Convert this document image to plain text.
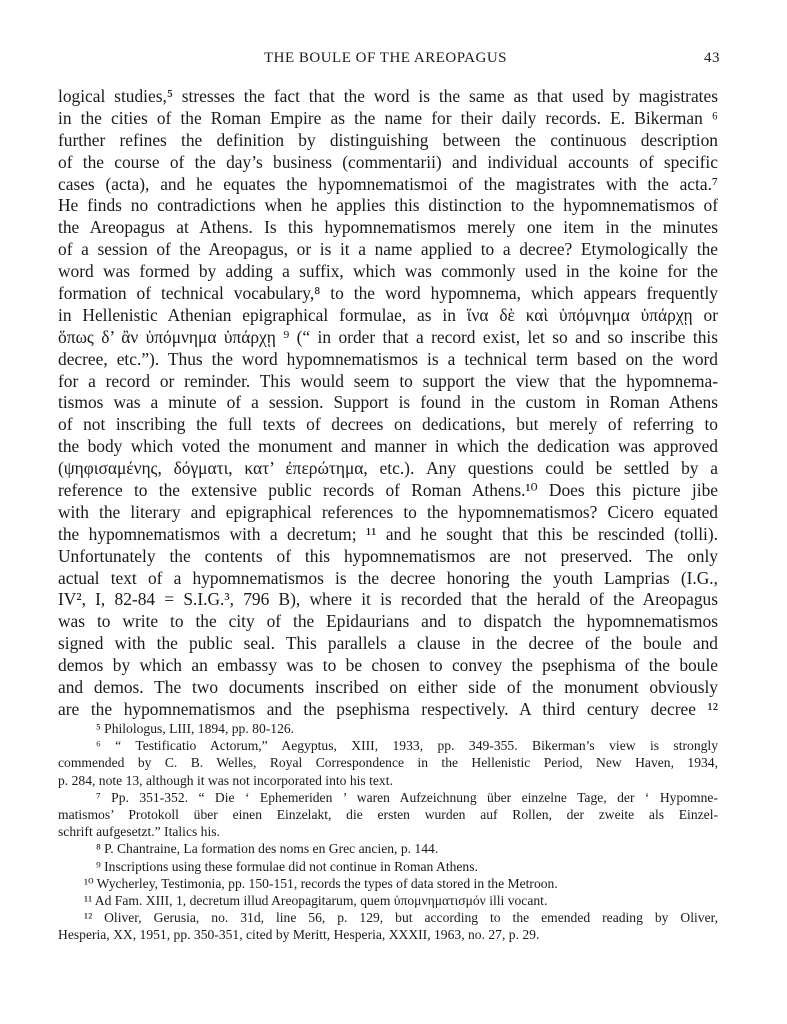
THE BOULE OF THE AREOPAGUS	43
logical studies,⁵ stresses the fact that the word is the same as that used by magistrates
in the cities of the Roman Empire as the name for their daily records. E. Bikerman ⁶
further refines the definition by distinguishing between the continuous description
of the course of the day’s business (commentarii) and individual accounts of specific
cases (acta), and he equates the hypomnematismoi of the magistrates with the acta.⁷
He finds no contradictions when he applies this distinction to the hypomnematismos of
the Areopagus at Athens. Is this hypomnematismos merely one item in the minutes
of a session of the Areopagus, or is it a name applied to a decree? Etymologically the
word was formed by adding a suffix, which was commonly used in the koine for the
formation of technical vocabulary,⁸ to the word hypomnema, which appears frequently
in Hellenistic Athenian epigraphical formulae, as in ἵνα δὲ καὶ ὑπόμνημα ὑπάρχῃ or
ὅπως δ’ ἂν ὑπόμνημα ὑπάρχῃ ⁹ (“ in order that a record exist, let so and so inscribe this
decree, etc.”). Thus the word hypomnematismos is a technical term based on the word
for a record or reminder. This would seem to support the view that the hypomnema-
tismos was a minute of a session. Support is found in the custom in Roman Athens
of not inscribing the full texts of decrees on dedications, but merely of referring to
the body which voted the monument and manner in which the dedication was approved
(ψηφισαμένης, δόγματι, κατ’ ἐπερώτημα, etc.). Any questions could be settled by a
reference to the extensive public records of Roman Athens.¹⁰ Does this picture jibe
with the literary and epigraphical references to the hypomnematismos? Cicero equated
the hypomnematismos with a decretum; ¹¹ and he sought that this be rescinded (tolli).
Unfortunately the contents of this hypomnematismos are not preserved. The only
actual text of a hypomnematismos is the decree honoring the youth Lamprias (I.G.,
IV², I, 82-84 = S.I.G.³, 796 B), where it is recorded that the herald of the Areopagus
was to write to the city of the Epidaurians and to dispatch the hypomnematismos
signed with the public seal. This parallels a clause in the decree of the boule and
demos by which an embassy was to be chosen to convey the psephisma of the boule
and demos. The two documents inscribed on either side of the monument obviously
are the hypomnematismos and the psephisma respectively. A third century decree ¹²
⁵ Philologus, LIII, 1894, pp. 80-126.
⁶ “ Testificatio Actorum,” Aegyptus, XIII, 1933, pp. 349-355. Bikerman’s view is strongly
commended by C. B. Welles, Royal Correspondence in the Hellenistic Period, New Haven, 1934,
p. 284, note 13, although it was not incorporated into his text.
⁷ Pp. 351-352. “ Die ‘ Ephemeriden ’ waren Aufzeichnung über einzelne Tage, der ‘ Hypomne-
matismos’ Protokoll über einen Einzelakt, die ersten wurden auf Rollen, der zweite als Einzel-
schrift aufgesetzt.” Italics his.
⁸ P. Chantraine, La formation des noms en Grec ancien, p. 144.
⁹ Inscriptions using these formulae did not continue in Roman Athens.
¹⁰ Wycherley, Testimonia, pp. 150-151, records the types of data stored in the Metroon.
¹¹ Ad Fam. XIII, 1, decretum illud Areopagitarum, quem ὑπομνηματισμόν illi vocant.
¹² Oliver, Gerusia, no. 31d, line 56, p. 129, but according to the emended reading by Oliver,
Hesperia, XX, 1951, pp. 350-351, cited by Meritt, Hesperia, XXXII, 1963, no. 27, p. 29.
